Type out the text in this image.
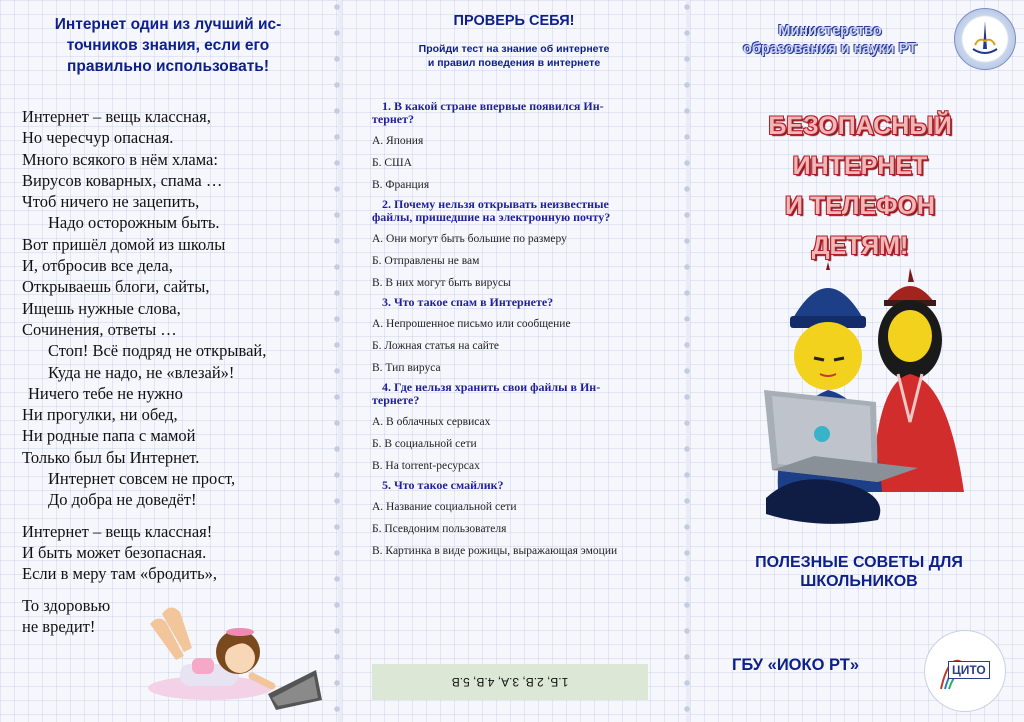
Интернет один из лучший ис-
точников знания, если его
правильно использовать!
Интернет – вещь классная,
Но чересчур опасная.
Много всякого в нём хлама:
Вирусов коварных, спама …
Чтоб ничего не зацепить,
Надо осторожным быть.
Вот пришёл домой из школы
И, отбросив все дела,
Открываешь блоги, сайты,
Ищешь нужные слова,
Сочинения, ответы …
Стоп! Всё подряд не открывай,
Куда не надо, не «влезай»!
Ничего тебе не нужно
Ни прогулки, ни обед,
Ни родные папа с мамой
Только был бы Интернет.
Интернет совсем не прост,
До добра не доведёт!
Интернет – вещь классная!
И быть может безопасная.
Если в меру там «бродить»,
То здоровью
не вредит!
ПРОВЕРЬ СЕБЯ!
Пройди тест на знание об интернете
и правил поведения в интернете
1. В какой стране впервые появился Ин-
тернет?
А. Япония
Б. США
В. Франция
2. Почему нельзя открывать неизвестные
файлы, пришедшие на электронную почту?
А. Они могут быть большие по размеру
Б. Отправлены не вам
В. В них могут быть вирусы
3. Что такое спам в Интернете?
А. Непрошенное письмо или сообщение
Б. Ложная статья на сайте
В. Тип вируса
4. Где нельзя хранить свои файлы в Ин-
тернете?
А. В облачных сервисах
Б. В социальной сети
В. На torrent-ресурсах
5. Что такое смайлик?
А. Название социальной сети
Б. Псевдоним пользователя
В. Картинка в виде рожицы, выражающая эмоции
1.Б, 2.В, 3.А, 4.В, 5.В
Министерство
образования и науки РТ
БЕЗОПАСНЫЙ
ИНТЕРНЕТ
И ТЕЛЕФОН
ДЕТЯМ!
ПОЛЕЗНЫЕ СОВЕТЫ ДЛЯ
ШКОЛЬНИКОВ
ГБУ «ИОКО РТ»	ЦИТО
